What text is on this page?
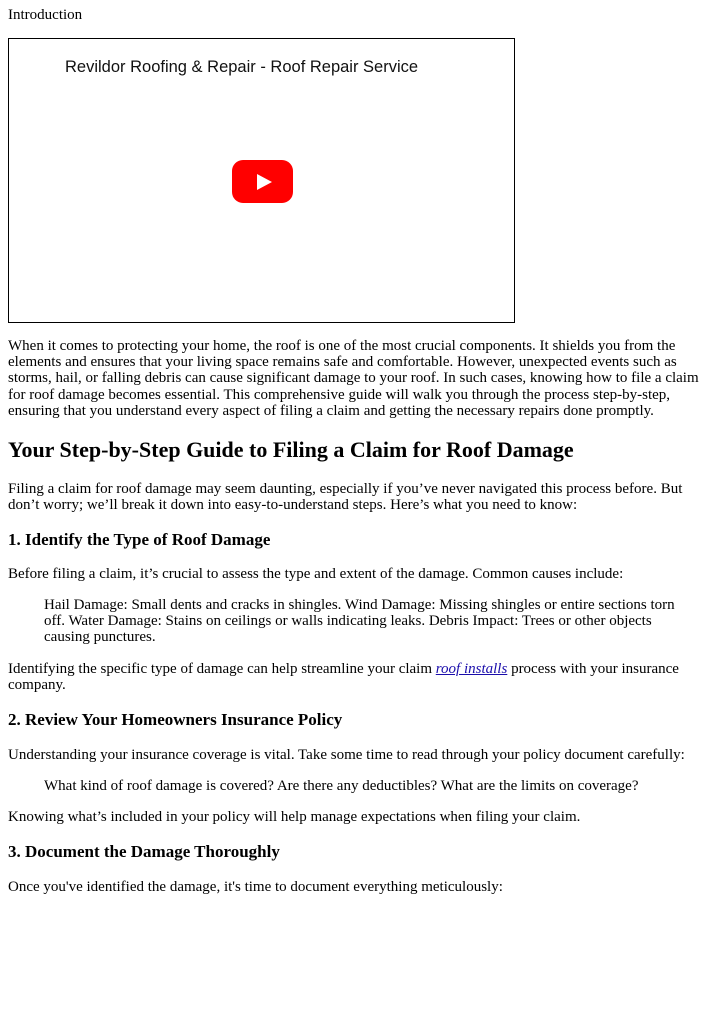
Introduction

Revildor Roofing & Repair - Roof Repair Service

When it comes to protecting your home, the roof is one of the most crucial components. It shields you from the elements and ensures that your living space remains safe and comfortable. However, unexpected events such as storms, hail, or falling debris can cause significant damage to your roof. In such cases, knowing how to file a claim for roof damage becomes essential. This comprehensive guide will walk you through the process step-by-step, ensuring that you understand every aspect of filing a claim and getting the necessary repairs done promptly.

Your Step-by-Step Guide to Filing a Claim for Roof Damage

Filing a claim for roof damage may seem daunting, especially if you’ve never navigated this process before. But don’t worry; we’ll break it down into easy-to-understand steps. Here’s what you need to know:

1. Identify the Type of Roof Damage

Before filing a claim, it’s crucial to assess the type and extent of the damage. Common causes include:

Hail Damage: Small dents and cracks in shingles. Wind Damage: Missing shingles or entire sections torn off. Water Damage: Stains on ceilings or walls indicating leaks. Debris Impact: Trees or other objects causing punctures.

Identifying the specific type of damage can help streamline your claim roof installs process with your insurance company.

2. Review Your Homeowners Insurance Policy

Understanding your insurance coverage is vital. Take some time to read through your policy document carefully:

What kind of roof damage is covered? Are there any deductibles? What are the limits on coverage?

Knowing what’s included in your policy will help manage expectations when filing your claim.

3. Document the Damage Thoroughly

Once you've identified the damage, it's time to document everything meticulously:
